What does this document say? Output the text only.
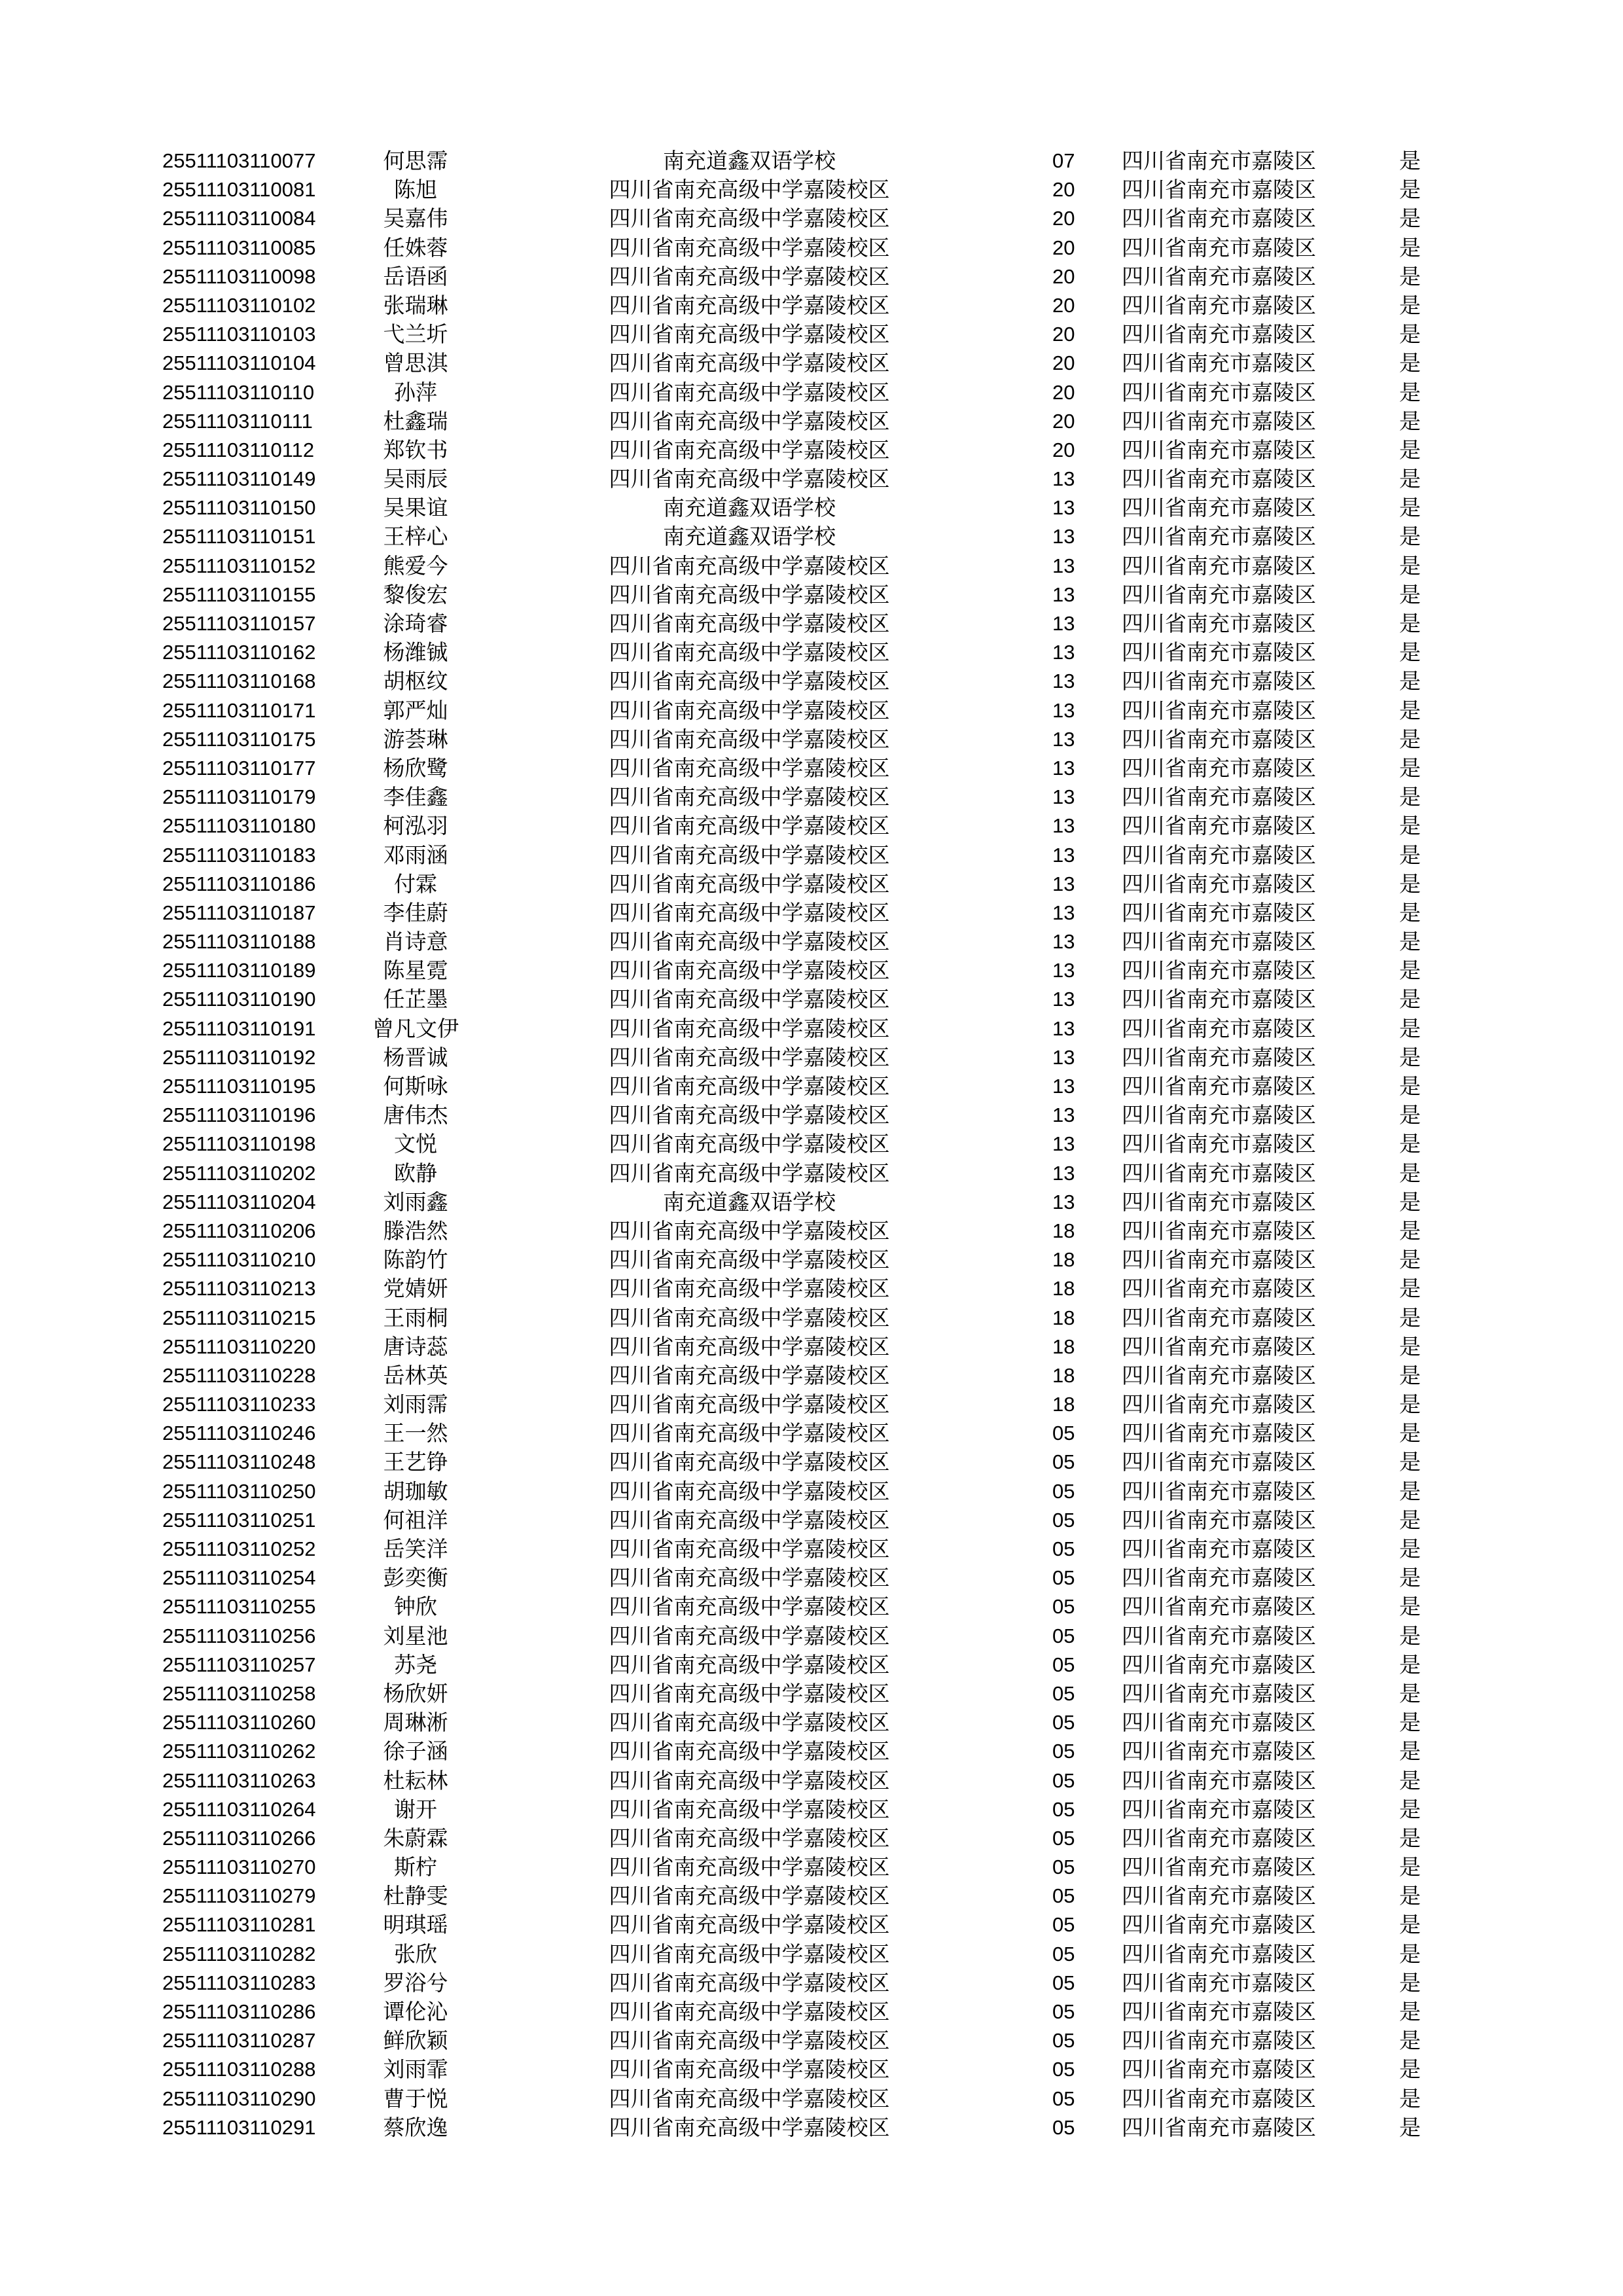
25511103110077	何思霈	南充道鑫双语学校	07	四川省南充市嘉陵区	是
25511103110081	陈旭	四川省南充高级中学嘉陵校区	20	四川省南充市嘉陵区	是
25511103110084	吴嘉伟	四川省南充高级中学嘉陵校区	20	四川省南充市嘉陵区	是
25511103110085	任姝蓉	四川省南充高级中学嘉陵校区	20	四川省南充市嘉陵区	是
25511103110098	岳语函	四川省南充高级中学嘉陵校区	20	四川省南充市嘉陵区	是
25511103110102	张瑞琳	四川省南充高级中学嘉陵校区	20	四川省南充市嘉陵区	是
25511103110103	弋兰圻	四川省南充高级中学嘉陵校区	20	四川省南充市嘉陵区	是
25511103110104	曾思淇	四川省南充高级中学嘉陵校区	20	四川省南充市嘉陵区	是
25511103110110	孙萍	四川省南充高级中学嘉陵校区	20	四川省南充市嘉陵区	是
25511103110111	杜鑫瑞	四川省南充高级中学嘉陵校区	20	四川省南充市嘉陵区	是
25511103110112	郑钦书	四川省南充高级中学嘉陵校区	20	四川省南充市嘉陵区	是
25511103110149	吴雨辰	四川省南充高级中学嘉陵校区	13	四川省南充市嘉陵区	是
25511103110150	吴果谊	南充道鑫双语学校	13	四川省南充市嘉陵区	是
25511103110151	王梓心	南充道鑫双语学校	13	四川省南充市嘉陵区	是
25511103110152	熊爱今	四川省南充高级中学嘉陵校区	13	四川省南充市嘉陵区	是
25511103110155	黎俊宏	四川省南充高级中学嘉陵校区	13	四川省南充市嘉陵区	是
25511103110157	涂琦睿	四川省南充高级中学嘉陵校区	13	四川省南充市嘉陵区	是
25511103110162	杨潍铖	四川省南充高级中学嘉陵校区	13	四川省南充市嘉陵区	是
25511103110168	胡枢纹	四川省南充高级中学嘉陵校区	13	四川省南充市嘉陵区	是
25511103110171	郭严灿	四川省南充高级中学嘉陵校区	13	四川省南充市嘉陵区	是
25511103110175	游荟琳	四川省南充高级中学嘉陵校区	13	四川省南充市嘉陵区	是
25511103110177	杨欣鹭	四川省南充高级中学嘉陵校区	13	四川省南充市嘉陵区	是
25511103110179	李佳鑫	四川省南充高级中学嘉陵校区	13	四川省南充市嘉陵区	是
25511103110180	柯泓羽	四川省南充高级中学嘉陵校区	13	四川省南充市嘉陵区	是
25511103110183	邓雨涵	四川省南充高级中学嘉陵校区	13	四川省南充市嘉陵区	是
25511103110186	付霖	四川省南充高级中学嘉陵校区	13	四川省南充市嘉陵区	是
25511103110187	李佳蔚	四川省南充高级中学嘉陵校区	13	四川省南充市嘉陵区	是
25511103110188	肖诗意	四川省南充高级中学嘉陵校区	13	四川省南充市嘉陵区	是
25511103110189	陈星霓	四川省南充高级中学嘉陵校区	13	四川省南充市嘉陵区	是
25511103110190	任芷墨	四川省南充高级中学嘉陵校区	13	四川省南充市嘉陵区	是
25511103110191	曾凡文伊	四川省南充高级中学嘉陵校区	13	四川省南充市嘉陵区	是
25511103110192	杨晋诚	四川省南充高级中学嘉陵校区	13	四川省南充市嘉陵区	是
25511103110195	何斯咏	四川省南充高级中学嘉陵校区	13	四川省南充市嘉陵区	是
25511103110196	唐伟杰	四川省南充高级中学嘉陵校区	13	四川省南充市嘉陵区	是
25511103110198	文悦	四川省南充高级中学嘉陵校区	13	四川省南充市嘉陵区	是
25511103110202	欧静	四川省南充高级中学嘉陵校区	13	四川省南充市嘉陵区	是
25511103110204	刘雨鑫	南充道鑫双语学校	13	四川省南充市嘉陵区	是
25511103110206	滕浩然	四川省南充高级中学嘉陵校区	18	四川省南充市嘉陵区	是
25511103110210	陈韵竹	四川省南充高级中学嘉陵校区	18	四川省南充市嘉陵区	是
25511103110213	党婧妍	四川省南充高级中学嘉陵校区	18	四川省南充市嘉陵区	是
25511103110215	王雨桐	四川省南充高级中学嘉陵校区	18	四川省南充市嘉陵区	是
25511103110220	唐诗蕊	四川省南充高级中学嘉陵校区	18	四川省南充市嘉陵区	是
25511103110228	岳林英	四川省南充高级中学嘉陵校区	18	四川省南充市嘉陵区	是
25511103110233	刘雨霈	四川省南充高级中学嘉陵校区	18	四川省南充市嘉陵区	是
25511103110246	王一然	四川省南充高级中学嘉陵校区	05	四川省南充市嘉陵区	是
25511103110248	王艺铮	四川省南充高级中学嘉陵校区	05	四川省南充市嘉陵区	是
25511103110250	胡珈敏	四川省南充高级中学嘉陵校区	05	四川省南充市嘉陵区	是
25511103110251	何祖洋	四川省南充高级中学嘉陵校区	05	四川省南充市嘉陵区	是
25511103110252	岳笑洋	四川省南充高级中学嘉陵校区	05	四川省南充市嘉陵区	是
25511103110254	彭奕衡	四川省南充高级中学嘉陵校区	05	四川省南充市嘉陵区	是
25511103110255	钟欣	四川省南充高级中学嘉陵校区	05	四川省南充市嘉陵区	是
25511103110256	刘星池	四川省南充高级中学嘉陵校区	05	四川省南充市嘉陵区	是
25511103110257	苏尧	四川省南充高级中学嘉陵校区	05	四川省南充市嘉陵区	是
25511103110258	杨欣妍	四川省南充高级中学嘉陵校区	05	四川省南充市嘉陵区	是
25511103110260	周琳淅	四川省南充高级中学嘉陵校区	05	四川省南充市嘉陵区	是
25511103110262	徐子涵	四川省南充高级中学嘉陵校区	05	四川省南充市嘉陵区	是
25511103110263	杜耘林	四川省南充高级中学嘉陵校区	05	四川省南充市嘉陵区	是
25511103110264	谢开	四川省南充高级中学嘉陵校区	05	四川省南充市嘉陵区	是
25511103110266	朱蔚霖	四川省南充高级中学嘉陵校区	05	四川省南充市嘉陵区	是
25511103110270	斯柠	四川省南充高级中学嘉陵校区	05	四川省南充市嘉陵区	是
25511103110279	杜静雯	四川省南充高级中学嘉陵校区	05	四川省南充市嘉陵区	是
25511103110281	明琪瑶	四川省南充高级中学嘉陵校区	05	四川省南充市嘉陵区	是
25511103110282	张欣	四川省南充高级中学嘉陵校区	05	四川省南充市嘉陵区	是
25511103110283	罗浴兮	四川省南充高级中学嘉陵校区	05	四川省南充市嘉陵区	是
25511103110286	谭伦沁	四川省南充高级中学嘉陵校区	05	四川省南充市嘉陵区	是
25511103110287	鲜欣颖	四川省南充高级中学嘉陵校区	05	四川省南充市嘉陵区	是
25511103110288	刘雨霏	四川省南充高级中学嘉陵校区	05	四川省南充市嘉陵区	是
25511103110290	曹于悦	四川省南充高级中学嘉陵校区	05	四川省南充市嘉陵区	是
25511103110291	蔡欣逸	四川省南充高级中学嘉陵校区	05	四川省南充市嘉陵区	是
